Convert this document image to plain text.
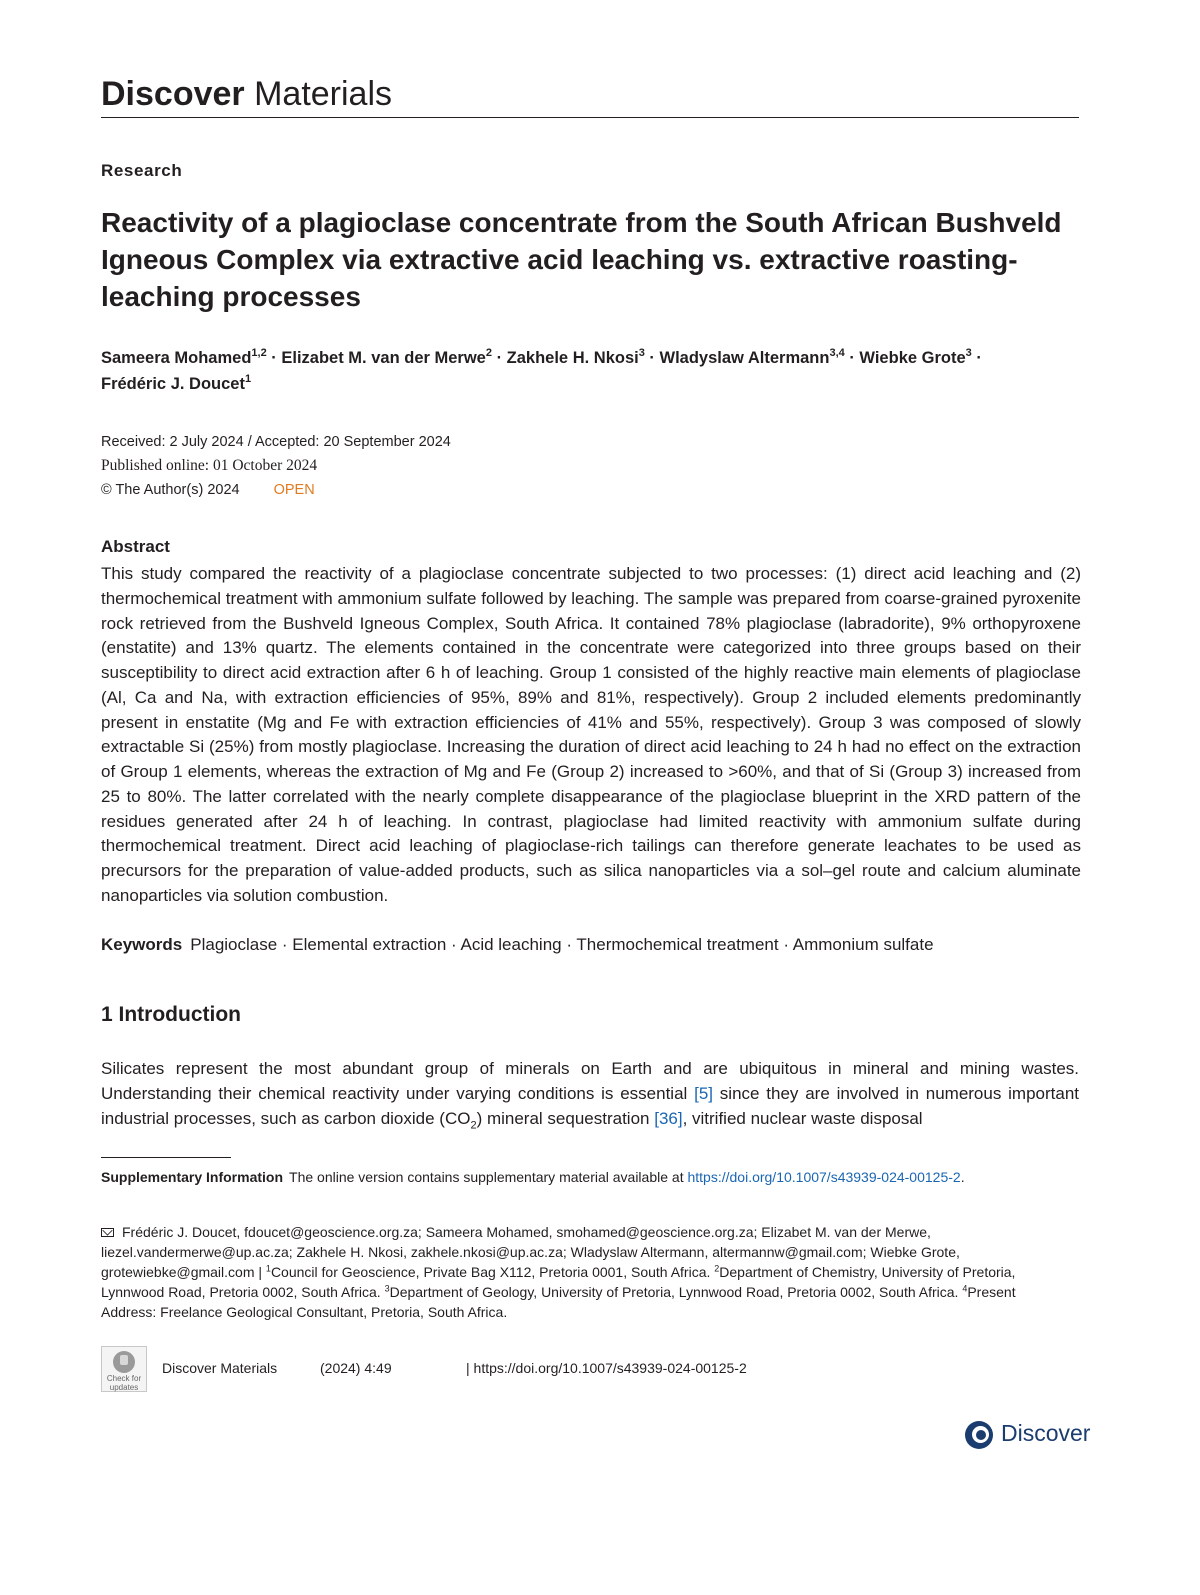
Discover Materials
Research
Reactivity of a plagioclase concentrate from the South African Bushveld Igneous Complex via extractive acid leaching vs. extractive roasting-leaching processes
Sameera Mohamed$^{1,2}$ · Elizabet M. van der Merwe$^2$ · Zakhele H. Nkosi$^3$ · Wladyslaw Altermann$^{3,4}$ · Wiebke Grote$^3$ ·
Frédéric J. Doucet$^1$
Received: 2 July 2024 / Accepted: 20 September 2024
Published online: 01 October 2024
© The Author(s) 2024 OPEN
Abstract

This study compared the reactivity of a plagioclase concentrate subjected to two processes: (1) direct acid leaching and (2) thermochemical treatment with ammonium sulfate followed by leaching. The sample was prepared from coarse-grained pyroxenite rock retrieved from the Bushveld Igneous Complex, South Africa. It contained 78% plagioclase (labradorite), 9% orthopyroxene (enstatite) and 13% quartz. The elements contained in the concentrate were categorized into three groups based on their susceptibility to direct acid extraction after 6 h of leaching. Group 1 consisted of the highly reactive main elements of plagioclase (Al, Ca and Na, with extraction efficiencies of 95%, 89% and 81%, respectively). Group 2 included elements predominantly present in enstatite (Mg and Fe with extraction efficiencies of 41% and 55%, respectively). Group 3 was composed of slowly extractable Si (25%) from mostly plagioclase. Increasing the duration of direct acid leaching to 24 h had no effect on the extraction of Group 1 elements, whereas the extraction of Mg and Fe (Group 2) increased to >60%, and that of Si (Group 3) increased from 25 to 80%. The latter correlated with the nearly complete disappearance of the plagioclase blueprint in the XRD pattern of the residues generated after 24 h of leaching. In contrast, plagioclase had limited reactivity with ammonium sulfate during thermochemical treatment. Direct acid leaching of plagioclase-rich tailings can therefore generate leachates to be used as precursors for the preparation of value-added products, such as silica nanoparticles via a sol–gel route and calcium aluminate nanoparticles via solution combustion.

Keywords Plagioclase · Elemental extraction · Acid leaching · Thermochemical treatment · Ammonium sulfate
1 Introduction

Silicates represent the most abundant group of minerals on Earth and are ubiquitous in mineral and mining wastes. Understanding their chemical reactivity under varying conditions is essential [5] since they are involved in numerous important industrial processes, such as carbon dioxide $(CO_2)$ mineral sequestration [36], vitrified nuclear waste disposal

Supplementary Information The online version contains supplementary material available at https://doi.org/10.1007/s43939-024-00125-2.

Frédéric J. Doucet, fdoucet@geoscience.org.za; Sameera Mohamed, smohamed@geoscience.org.za; Elizabet M. van der Merwe, liezel.vandermerwe@up.ac.za; Zakhele H. Nkosi, zakhele.nkosi@up.ac.za; Wladyslaw Altermann, altermannw@gmail.com; Wiebke Grote, grotewiebke@gmail.com | $^1$Council for Geoscience, Private Bag X112, Pretoria 0001, South Africa. $^2$Department of Chemistry, University of Pretoria, Lynnwood Road, Pretoria 0002, South Africa. $^3$Department of Geology, University of Pretoria, Lynnwood Road, Pretoria 0002, South Africa. $^4$Present Address: Freelance Geological Consultant, Pretoria, South Africa.

Check for updates
Discover Materials	(2024) 4:49	| https://doi.org/10.1007/s43939-024-00125-2
Discover
